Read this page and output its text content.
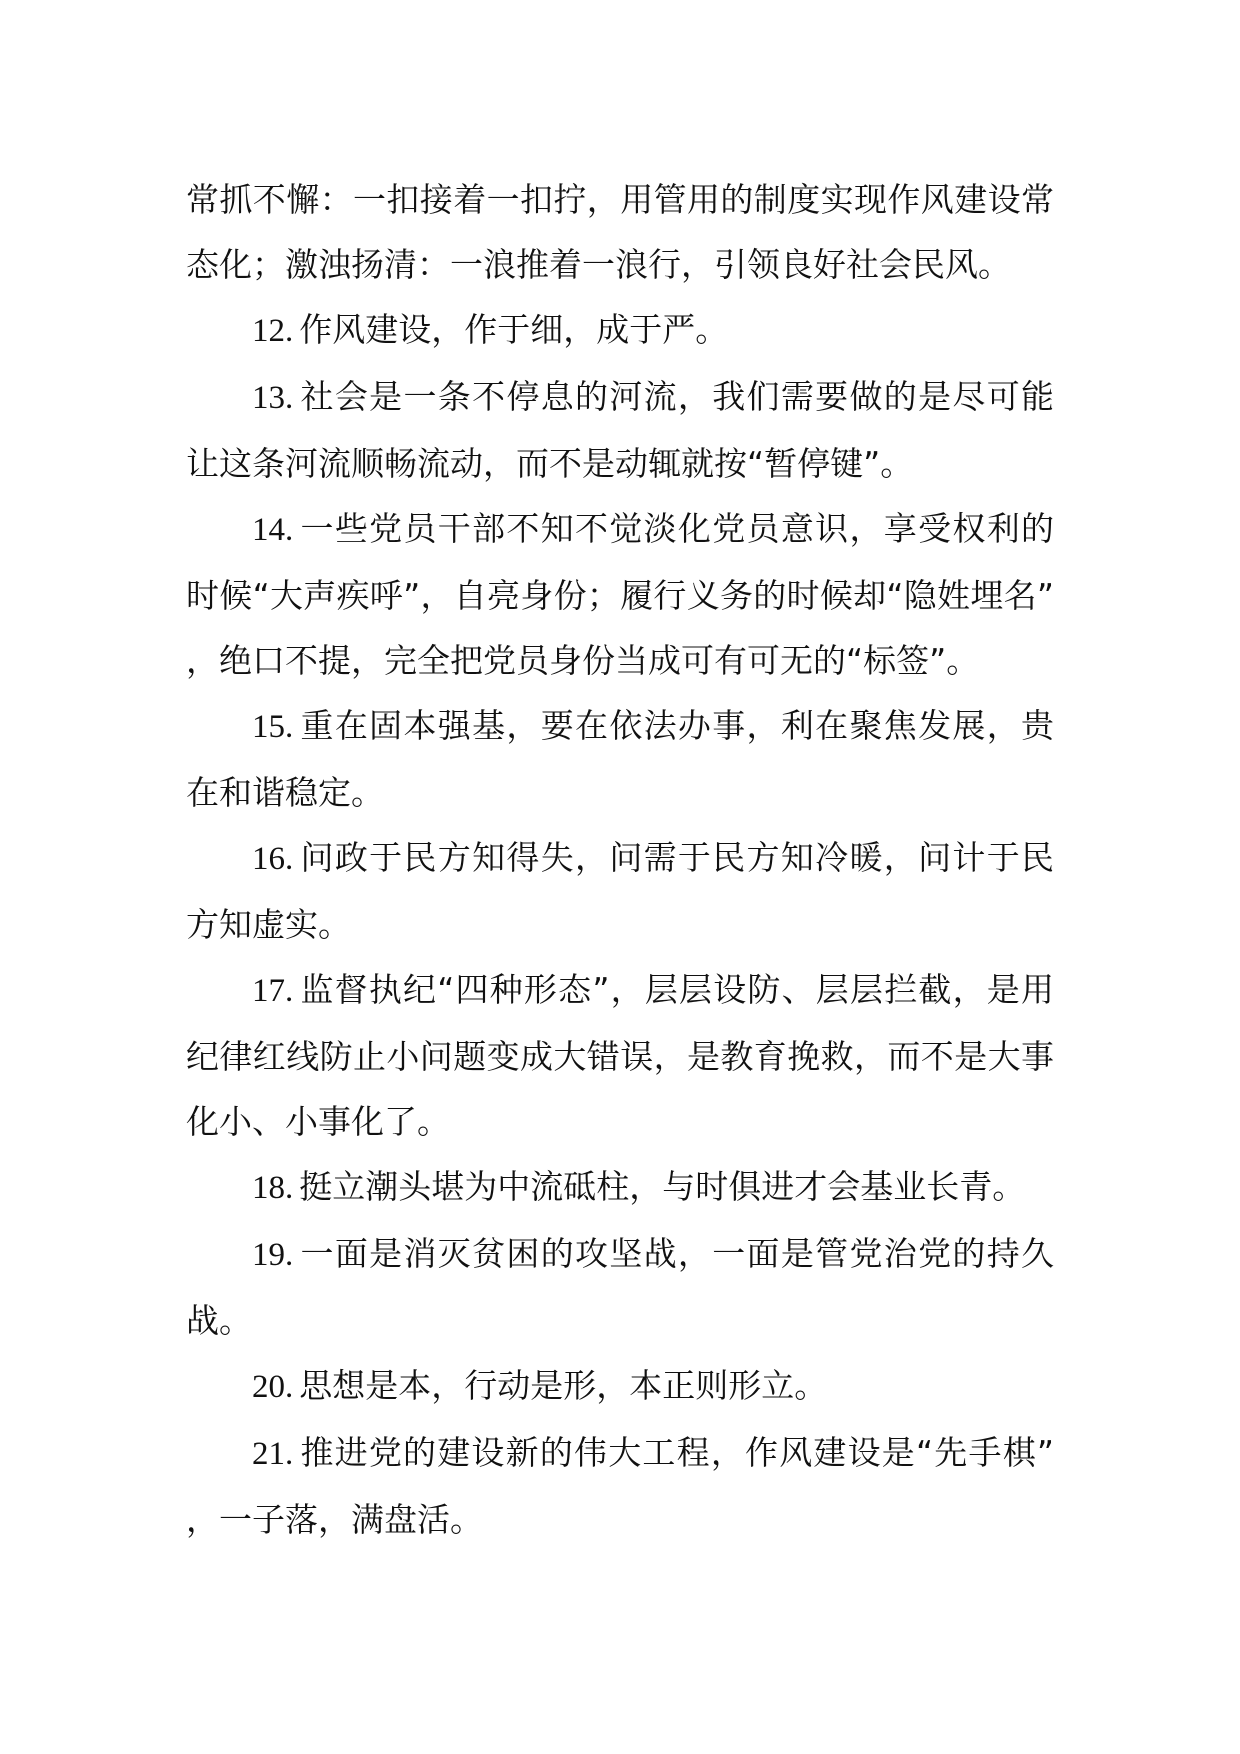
常抓不懈：一扣接着一扣拧，用管用的制度实现作风建设常态化；激浊扬清：一浪推着一浪行，引领良好社会民风。

12. 作风建设，作于细，成于严。

13. 社会是一条不停息的河流，我们需要做的是尽可能让这条河流顺畅流动，而不是动辄就按“暂停键”。

14. 一些党员干部不知不觉淡化党员意识，享受权利的时候“大声疾呼”，自亮身份；履行义务的时候却“隐姓埋名”，绝口不提，完全把党员身份当成可有可无的“标签”。

15. 重在固本强基，要在依法办事，利在聚焦发展，贵在和谐稳定。

16. 问政于民方知得失，问需于民方知冷暖，问计于民方知虚实。

17. 监督执纪“四种形态”，层层设防、层层拦截，是用纪律红线防止小问题变成大错误，是教育挽救，而不是大事化小、小事化了。

18. 挺立潮头堪为中流砥柱，与时俱进才会基业长青。

19. 一面是消灭贫困的攻坚战，一面是管党治党的持久战。

20. 思想是本，行动是形，本正则形立。

21. 推进党的建设新的伟大工程，作风建设是“先手棋”，一子落，满盘活。
